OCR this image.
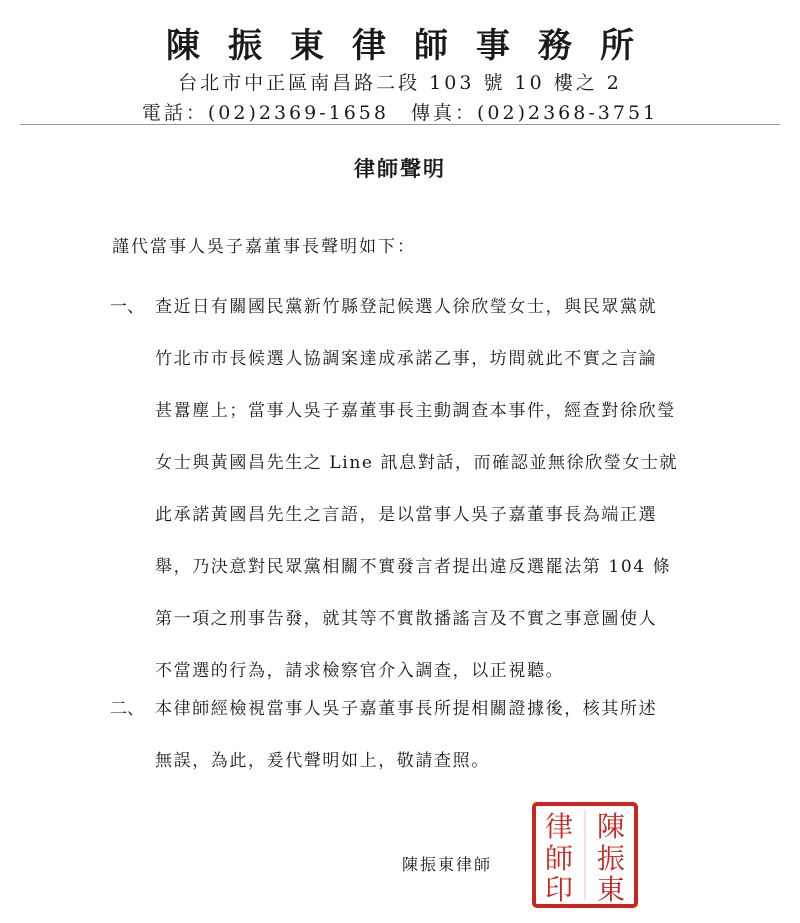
陳振東律師事務所
台北市中正區南昌路二段 103 號 10 樓之 2
電話：(02)2369-1658　傳真：(02)2368-3751
律師聲明
謹代當事人吳子嘉董事長聲明如下：
一、 查近日有關國民黨新竹縣登記候選人徐欣瑩女士，與民眾黨就
竹北市市長候選人協調案達成承諾乙事，坊間就此不實之言論
甚囂塵上；當事人吳子嘉董事長主動調查本事件，經查對徐欣瑩
女士與黃國昌先生之 Line 訊息對話，而確認並無徐欣瑩女士就
此承諾黃國昌先生之言語，是以當事人吳子嘉董事長為端正選
舉，乃決意對民眾黨相關不實發言者提出違反選罷法第 104 條
第一項之刑事告發，就其等不實散播謠言及不實之事意圖使人
不當選的行為，請求檢察官介入調查，以正視聽。
二、 本律師經檢視當事人吳子嘉董事長所提相關證據後，核其所述
無誤，為此，爰代聲明如上，敬請查照。
陳振東律師
陳
振
東
律
師
印
